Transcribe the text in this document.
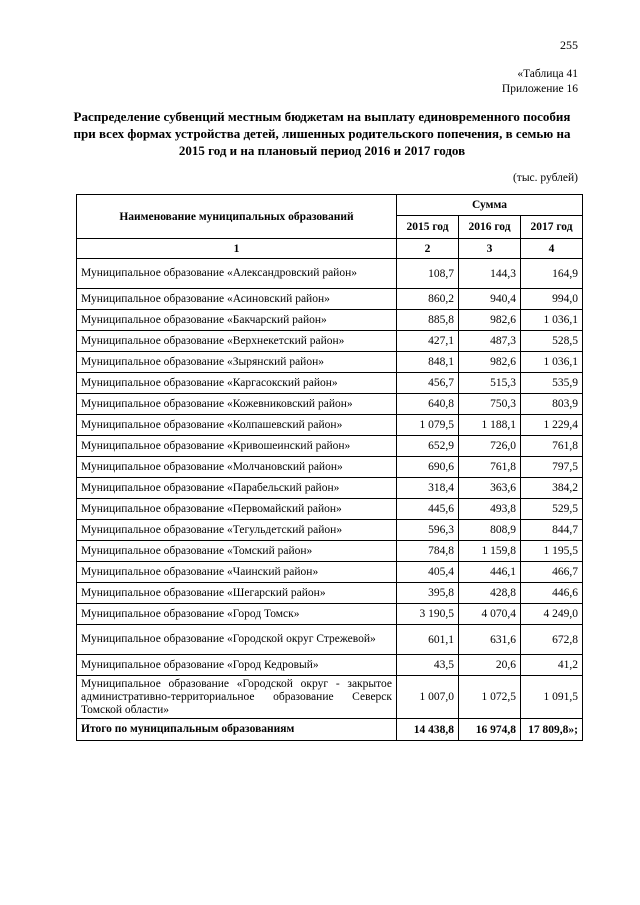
255
«Таблица 41
Приложение 16
Распределение субвенций местным бюджетам на выплату единовременного пособия при всех формах устройства детей, лишенных родительского попечения, в семью на 2015 год и на плановый период 2016 и 2017 годов
(тыс. рублей)
Наименование муниципальных образований	Сумма		
	2015 год	2016 год	2017 год
1	2	3	4
Муниципальное образование «Александровский район»	108,7	144,3	164,9
Муниципальное образование «Асиновский район»	860,2	940,4	994,0
Муниципальное образование «Бакчарский район»	885,8	982,6	1 036,1
Муниципальное образование «Верхнекетский район»	427,1	487,3	528,5
Муниципальное образование «Зырянский район»	848,1	982,6	1 036,1
Муниципальное образование «Каргасокский район»	456,7	515,3	535,9
Муниципальное образование «Кожевниковский район»	640,8	750,3	803,9
Муниципальное образование «Колпашевский район»	1 079,5	1 188,1	1 229,4
Муниципальное образование «Кривошеинский район»	652,9	726,0	761,8
Муниципальное образование «Молчановский район»	690,6	761,8	797,5
Муниципальное образование «Парабельский район»	318,4	363,6	384,2
Муниципальное образование «Первомайский район»	445,6	493,8	529,5
Муниципальное образование «Тегульдетский район»	596,3	808,9	844,7
Муниципальное образование «Томский район»	784,8	1 159,8	1 195,5
Муниципальное образование «Чаинский район»	405,4	446,1	466,7
Муниципальное образование «Шегарский район»	395,8	428,8	446,6
Муниципальное образование «Город Томск»	3 190,5	4 070,4	4 249,0
Муниципальное образование «Городской округ Стрежевой»	601,1	631,6	672,8
Муниципальное образование «Город Кедровый»	43,5	20,6	41,2
Муниципальное образование «Городской округ - закрытое административно-территориальное образование Северск Томской области»	1 007,0	1 072,5	1 091,5
Итого по муниципальным образованиям	14 438,8	16 974,8	17 809,8»;
